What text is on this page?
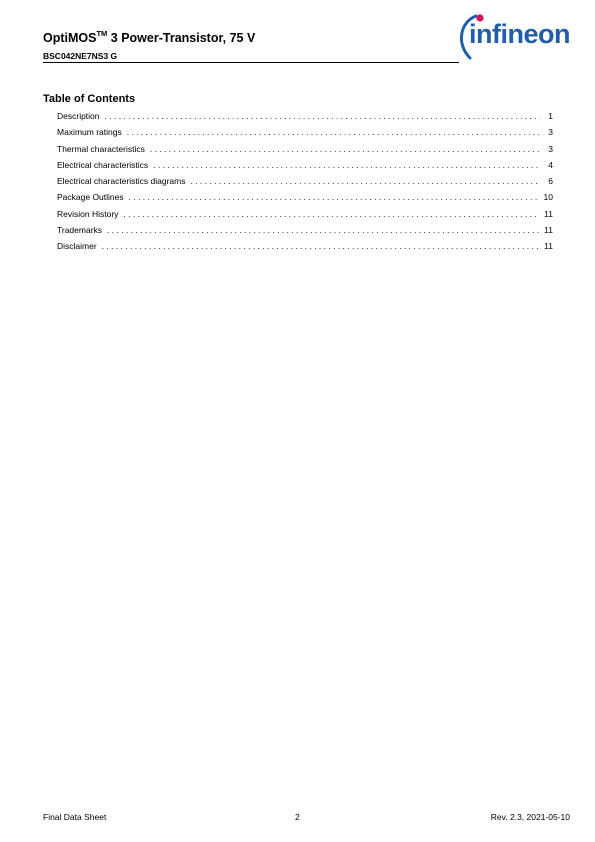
OptiMOS™ 3 Power-Transistor, 75 V
BSC042NE7NS3 G
infineon
Table of Contents
Description . . .	1
Maximum ratings . . .	3
Thermal characteristics . . .	3
Electrical characteristics . . .	4
Electrical characteristics diagrams . . .	6
Package Outlines . . .	10
Revision History . . .	11
Trademarks . . .	11
Disclaimer . . .	11
Final Data Sheet	2	Rev. 2.3, 2021-05-10
